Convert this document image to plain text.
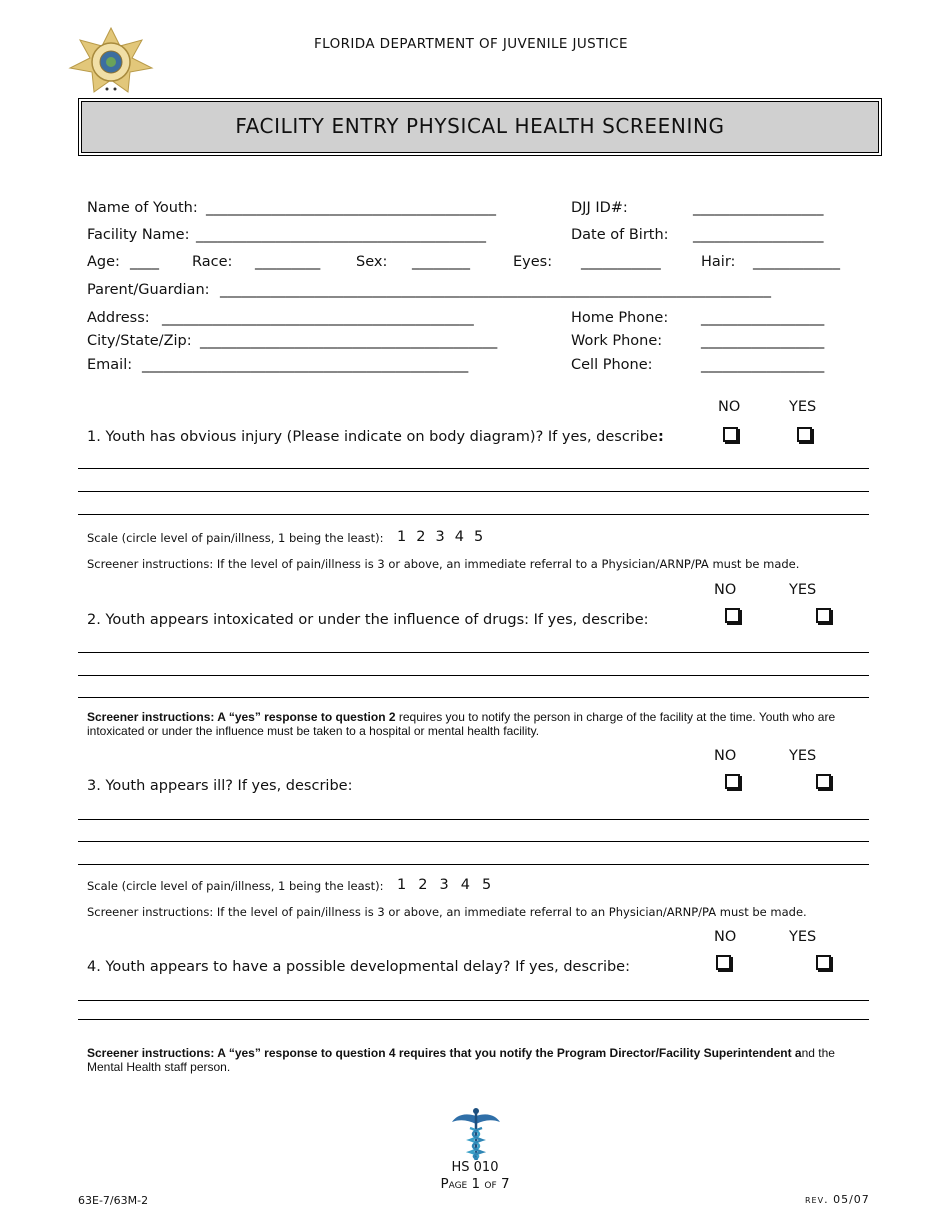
FLORIDA DEPARTMENT OF JUVENILE JUSTICE
FACILITY ENTRY PHYSICAL HEALTH SCREENING
Name of Youth: ________________________________________	DJJ ID#:	__________________
Facility Name: ________________________________________	Date of Birth: __________________
Age: ____ Race: _________ Sex: ________	Eyes: ___________	Hair: ____________
Parent/Guardian: ____________________________________________________________________________
Address: ___________________________________________	Home Phone: _________________
City/State/Zip: _________________________________________	Work Phone:	_________________
Email: _____________________________________________	Cell Phone:	_________________
NO	YES
1. Youth has obvious injury (Please indicate on body diagram)? If yes, describe:
Scale (circle level of pain/illness, 1 being the least): 1 2 3 4 5
Screener instructions: If the level of pain/illness is 3 or above, an immediate referral to a Physician/ARNP/PA must be made.
NO	YES
2. Youth appears intoxicated or under the influence of drugs: If yes, describe:
Screener instructions: A “yes” response to question 2 requires you to notify the person in charge of the facility at the time. Youth who are intoxicated or under the influence must be taken to a hospital or mental health facility.
NO	YES
3. Youth appears ill? If yes, describe:
Scale (circle level of pain/illness, 1 being the least): 1 2 3 4 5
Screener instructions: If the level of pain/illness is 3 or above, an immediate referral to an Physician/ARNP/PA must be made.
NO	YES
4. Youth appears to have a possible developmental delay? If yes, describe:
Screener instructions: A “yes” response to question 4 requires that you notify the Program Director/Facility Superintendent and the Mental Health staff person.
HS 010
Page 1 of 7
63E-7/63M-2	rev. 05/07
